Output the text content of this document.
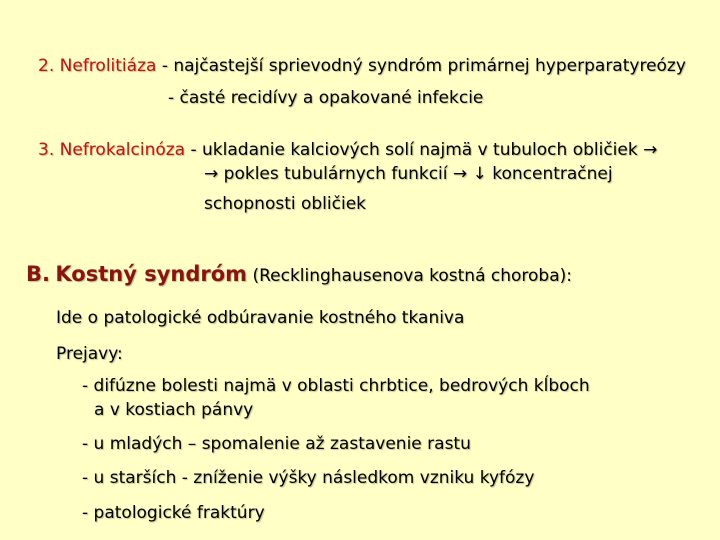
2. Nefrolitiáza - najčastejší sprievodný syndróm primárnej hyperparatyreózy
- časté recidívy a opakované infekcie
3. Nefrokalcinóza - ukladanie kalciových solí najmä v tubuloch obličiek →
→ pokles tubulárnych funkcií → ↓ koncentračnej
schopnosti obličiek
B. Kostný syndróm (Recklinghausenova kostná choroba):
Ide o patologické odbúravanie kostného tkaniva
Prejavy:
- difúzne bolesti najmä v oblasti chrbtice, bedrových kĺboch
a v kostiach pánvy
- u mladých – spomalenie až zastavenie rastu
- u starších - zníženie výšky následkom vzniku kyfózy
- patologické fraktúry
